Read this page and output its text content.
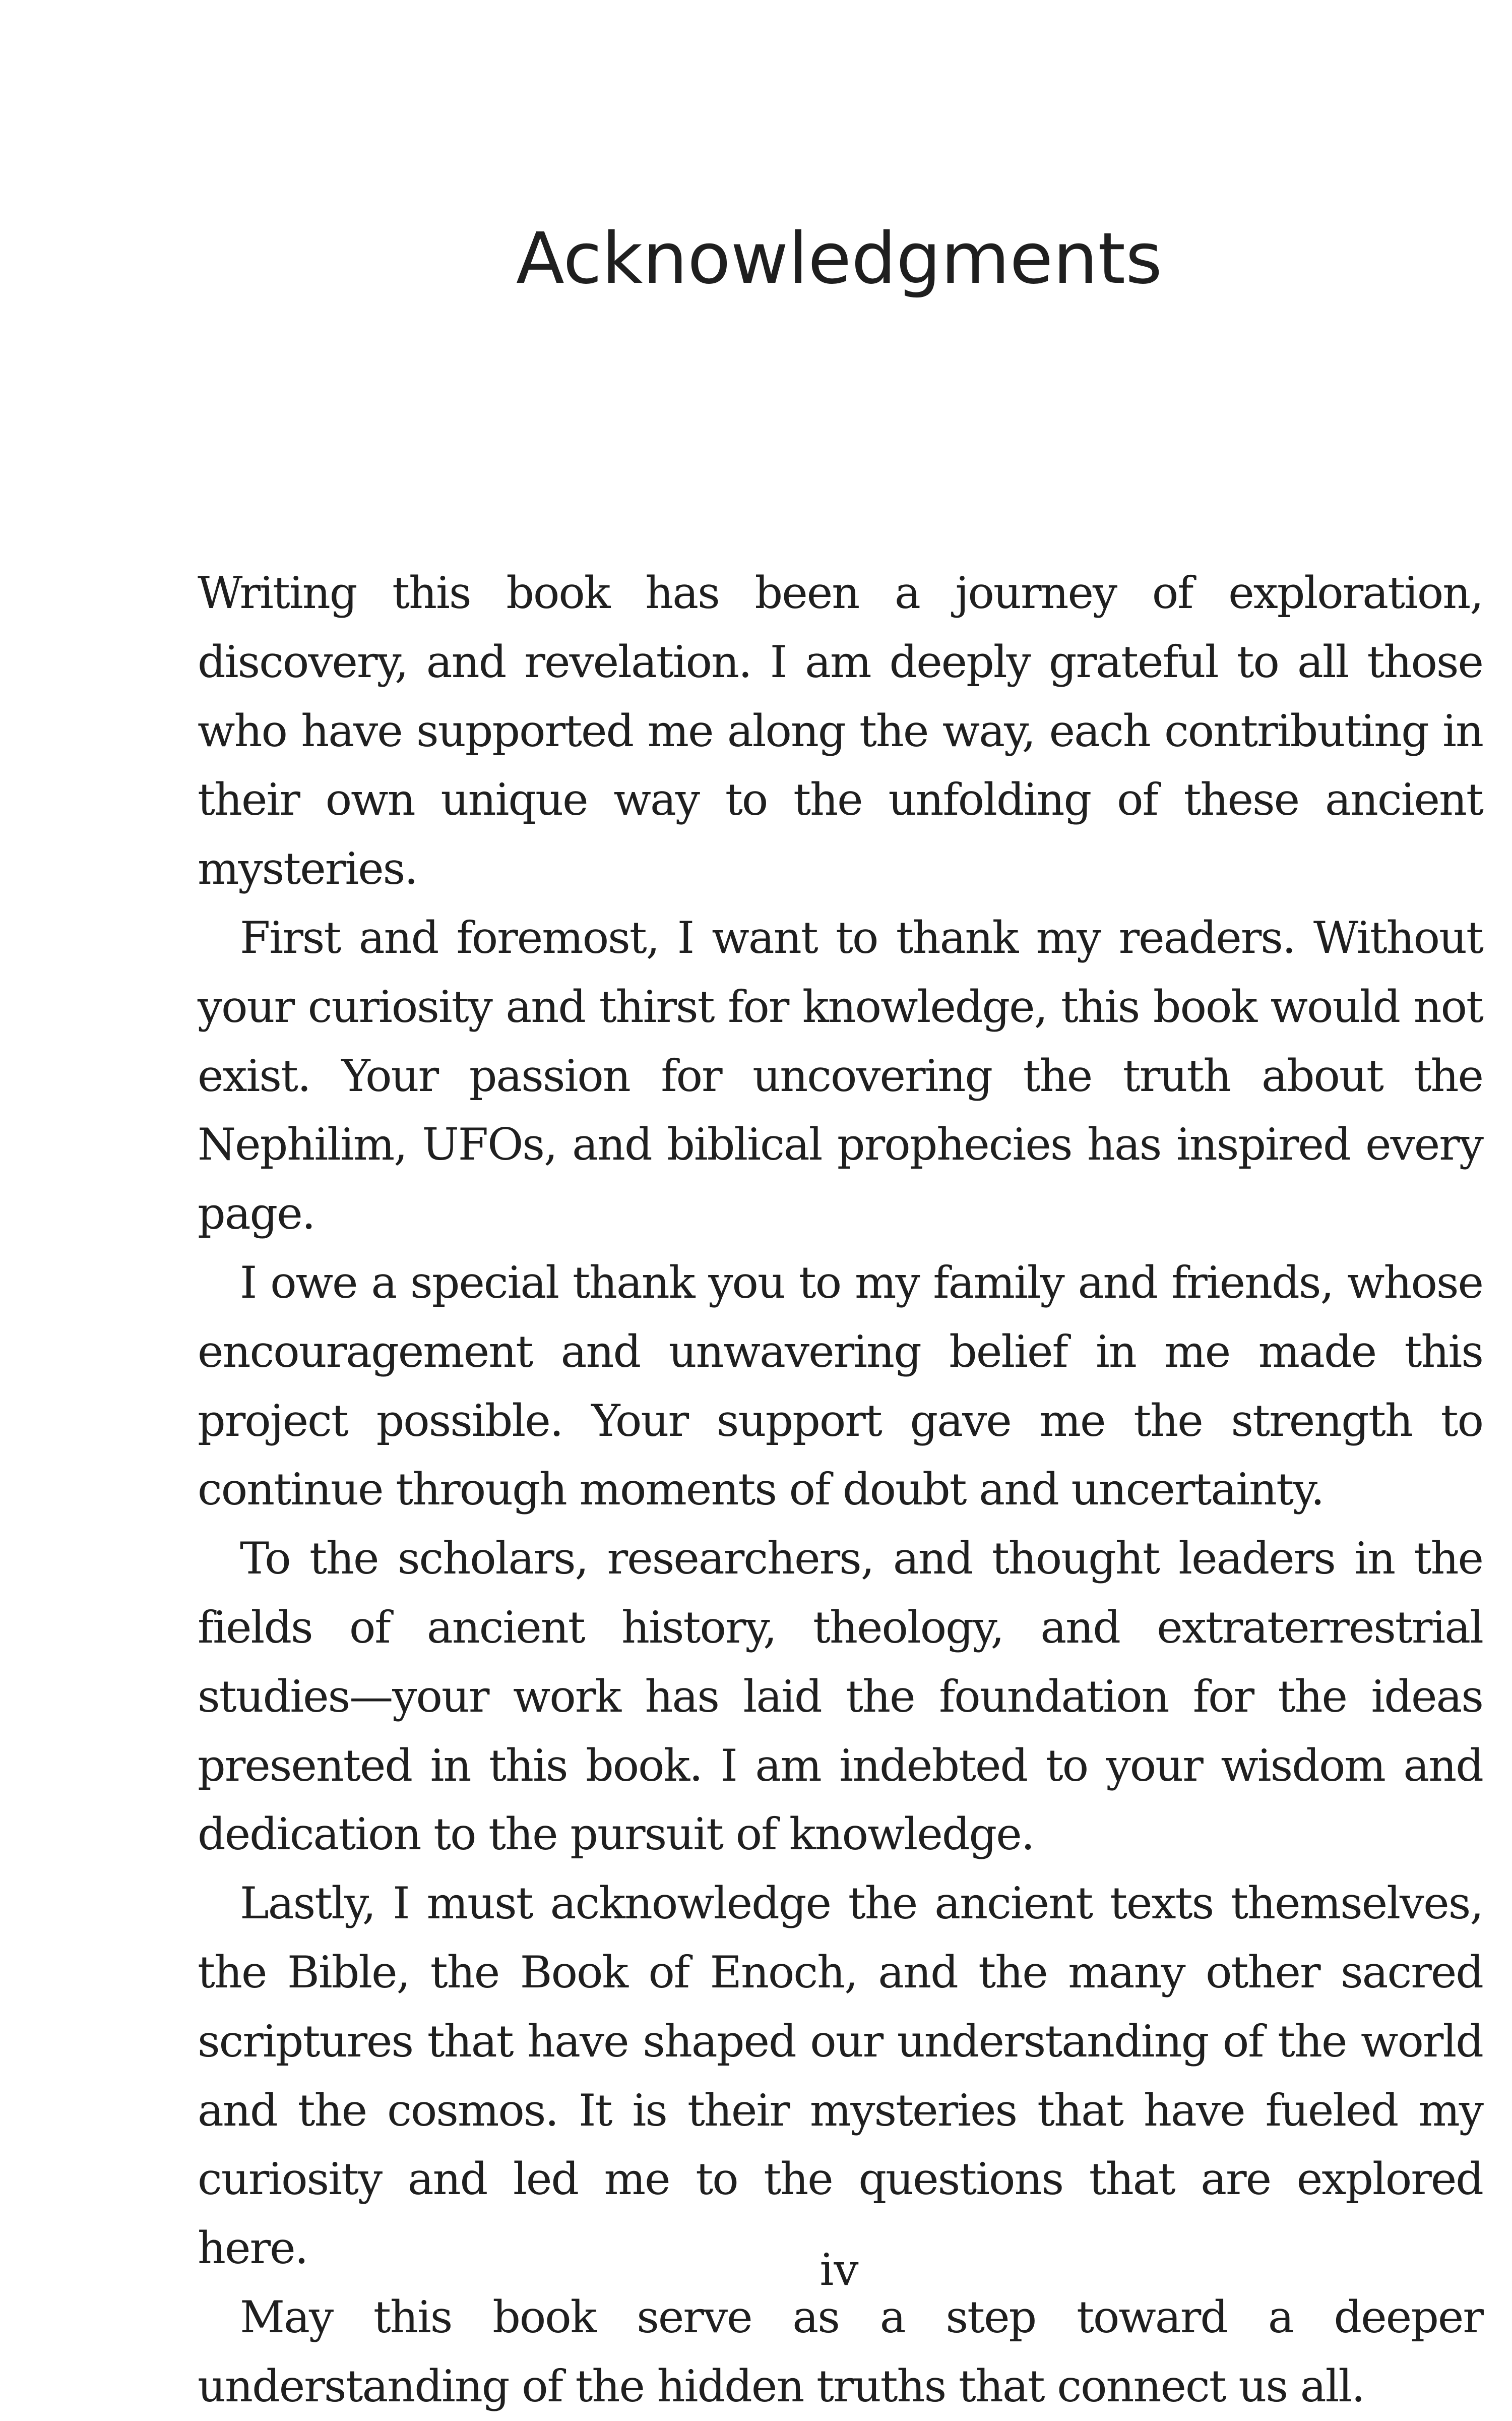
Acknowledgments

Writing this book has been a journey of exploration, discovery, and revelation. I am deeply grateful to all those who have supported me along the way, each contributing in their own unique way to the unfolding of these ancient mysteries.

First and foremost, I want to thank my readers. Without your curiosity and thirst for knowledge, this book would not exist. Your passion for uncovering the truth about the Nephilim, UFOs, and biblical prophecies has inspired every page.

I owe a special thank you to my family and friends, whose encouragement and unwavering belief in me made this project possible. Your support gave me the strength to continue through moments of doubt and uncertainty.

To the scholars, researchers, and thought leaders in the fields of ancient history, theology, and extraterrestrial studies—your work has laid the foundation for the ideas presented in this book. I am indebted to your wisdom and dedication to the pursuit of knowledge.

Lastly, I must acknowledge the ancient texts themselves, the Bible, the Book of Enoch, and the many other sacred scriptures that have shaped our understanding of the world and the cosmos. It is their mysteries that have fueled my curiosity and led me to the questions that are explored here.

May this book serve as a step toward a deeper understanding of the hidden truths that connect us all.

iv
